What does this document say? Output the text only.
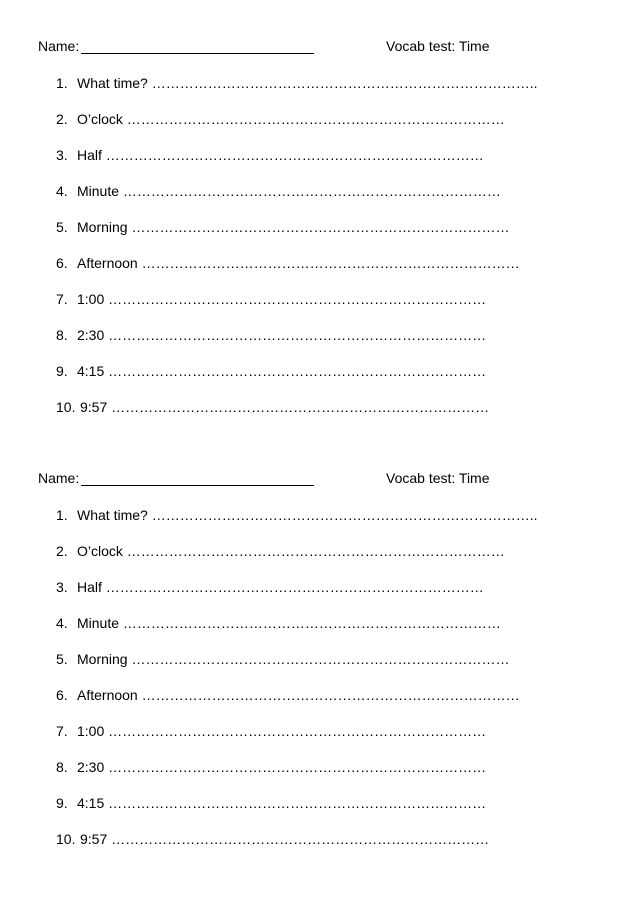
Name:	Vocab test: Time
1. What time? ………………………………………………………………………..
2. O’clock ………………………………………………………………………
3. Half ………………………………………………………………………
4. Minute ………………………………………………………………………
5. Morning ………………………………………………………………………
6. Afternoon ………………………………………………………………………
7. 1:00 ………………………………………………………………………
8. 2:30 ………………………………………………………………………
9. 4:15 ………………………………………………………………………
10. 9:57 ………………………………………………………………………
Name:	Vocab test: Time
1. What time? ………………………………………………………………………..
2. O’clock ………………………………………………………………………
3. Half ………………………………………………………………………
4. Minute ………………………………………………………………………
5. Morning ………………………………………………………………………
6. Afternoon ………………………………………………………………………
7. 1:00 ………………………………………………………………………
8. 2:30 ………………………………………………………………………
9. 4:15 ………………………………………………………………………
10. 9:57 ………………………………………………………………………
